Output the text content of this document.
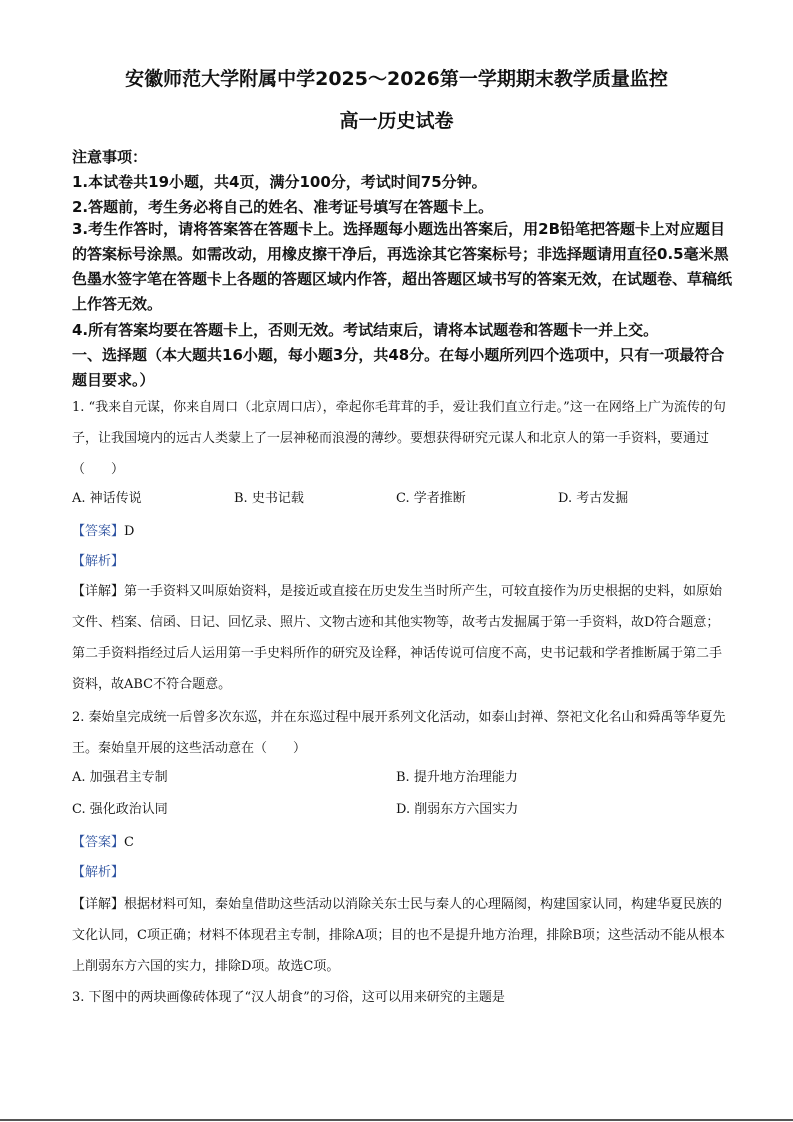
安徽师范大学附属中学2025～2026第一学期期末教学质量监控
高一历史试卷
注意事项：
1.本试卷共19小题，共4页，满分100分，考试时间75分钟。
2.答题前，考生务必将自己的姓名、准考证号填写在答题卡上。
3.考生作答时，请将答案答在答题卡上。选择题每小题选出答案后，用2B铅笔把答题卡上对应题目的答案标号涂黑。如需改动，用橡皮擦干净后，再选涂其它答案标号；非选择题请用直径0.5毫米黑色墨水签字笔在答题卡上各题的答题区域内作答，超出答题区域书写的答案无效，在试题卷、草稿纸上作答无效。
4.所有答案均要在答题卡上，否则无效。考试结束后，请将本试题卷和答题卡一并上交。
一、选择题（本大题共16小题，每小题3分，共48分。在每小题所列四个选项中，只有一项最符合题目要求。）
1. “我来自元谋，你来自周口（北京周口店），牵起你毛茸茸的手，爱让我们直立行走。”这一在网络上广为流传的句子，让我国境内的远古人类蒙上了一层神秘而浪漫的薄纱。要想获得研究元谋人和北京人的第一手资料，要通过（　　）
A. 神话传说	B. 史书记载	C. 学者推断	D. 考古发掘
【答案】D
【解析】
【详解】第一手资料又叫原始资料，是接近或直接在历史发生当时所产生，可较直接作为历史根据的史料，如原始文件、档案、信函、日记、回忆录、照片、文物古迹和其他实物等，故考古发掘属于第一手资料，故D符合题意；第二手资料指经过后人运用第一手史料所作的研究及诠释，神话传说可信度不高，史书记载和学者推断属于第二手资料，故ABC不符合题意。
2. 秦始皇完成统一后曾多次东巡，并在东巡过程中展开系列文化活动，如泰山封禅、祭祀文化名山和舜禹等华夏先王。秦始皇开展的这些活动意在（　　）
A. 加强君主专制	B. 提升地方治理能力
C. 强化政治认同	D. 削弱东方六国实力
【答案】C
【解析】
【详解】根据材料可知，秦始皇借助这些活动以消除关东士民与秦人的心理隔阂，构建国家认同，构建华夏民族的文化认同，C项正确；材料不体现君主专制，排除A项；目的也不是提升地方治理，排除B项；这些活动不能从根本上削弱东方六国的实力，排除D项。故选C项。
3. 下图中的两块画像砖体现了“汉人胡食”的习俗，这可以用来研究的主题是
